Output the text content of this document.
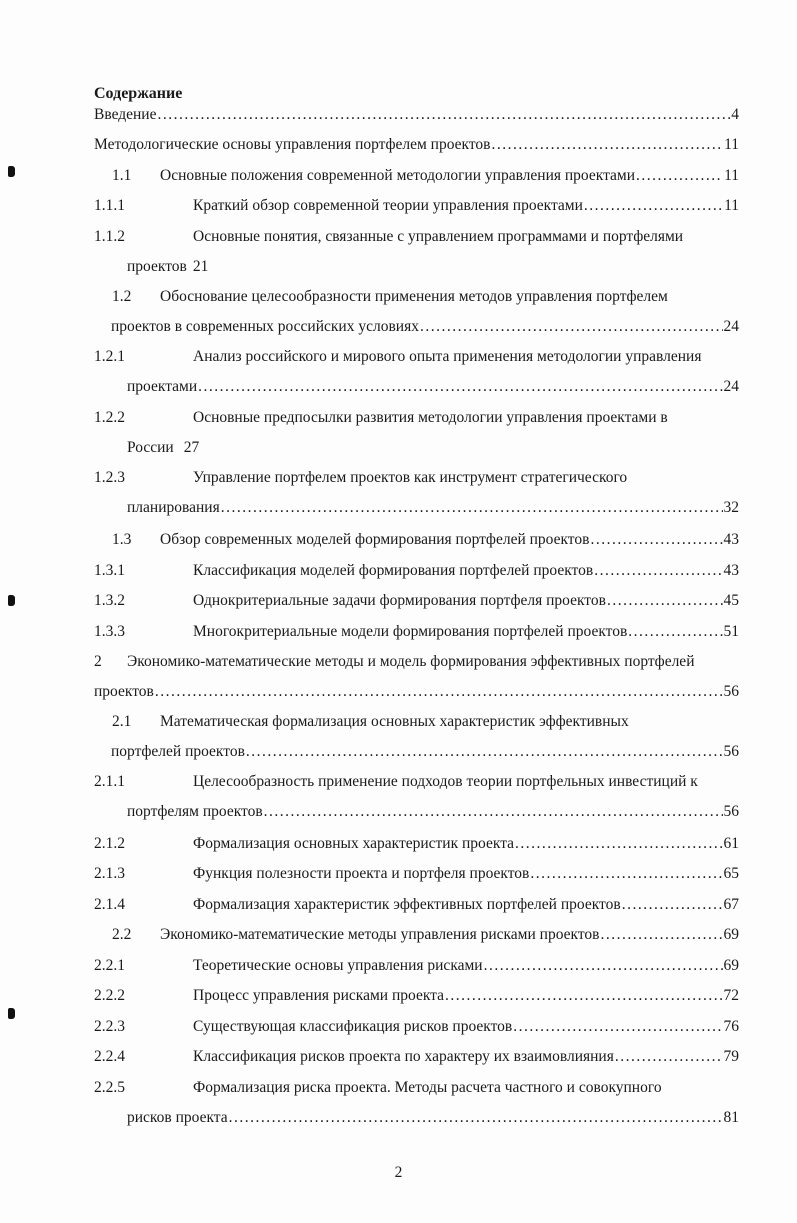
Содержание
Введение .....	4
Методологические основы управления портфелем проектов .....	11
1.1 Основные положения современной методологии управления проектами .....	11
1.1.1	Краткий обзор современной теории управления проектами .....	11
1.1.2	Основные понятия, связанные с управлением программами и портфелями
проектов 21
1.2 Обоснование целесообразности применения методов управления портфелем
проектов в современных российских условиях .....	24
1.2.1	Анализ российского и мирового опыта применения методологии управления
проектами .....	24
1.2.2	Основные предпосылки развития методологии управления проектами в
России 27
1.2.3	Управление портфелем проектов как инструмент стратегического
планирования .....	32
1.3 Обзор современных моделей формирования портфелей проектов .....	43
1.3.1	Классификация моделей формирования портфелей проектов .....	43
1.3.2	Однокритериальные задачи формирования портфеля проектов .....	45
1.3.3	Многокритериальные модели формирования портфелей проектов .....	51
2 Экономико-математические методы и модель формирования эффективных портфелей
проектов .....	56
2.1 Математическая формализация основных характеристик эффективных
портфелей проектов .....	56
2.1.1	Целесообразность применение подходов теории портфельных инвестиций к
портфелям проектов .....	56
2.1.2	Формализация основных характеристик проекта .....	61
2.1.3	Функция полезности проекта и портфеля проектов .....	65
2.1.4	Формализация характеристик эффективных портфелей проектов .....	67
2.2 Экономико-математические методы управления рисками проектов .....	69
2.2.1	Теоретические основы управления рисками .....	69
2.2.2	Процесс управления рисками проекта .....	72
2.2.3	Существующая классификация рисков проектов .....	76
2.2.4	Классификация рисков проекта по характеру их взаимовлияния .....	79
2.2.5	Формализация риска проекта. Методы расчета частного и совокупного
рисков проекта .....	81
2
